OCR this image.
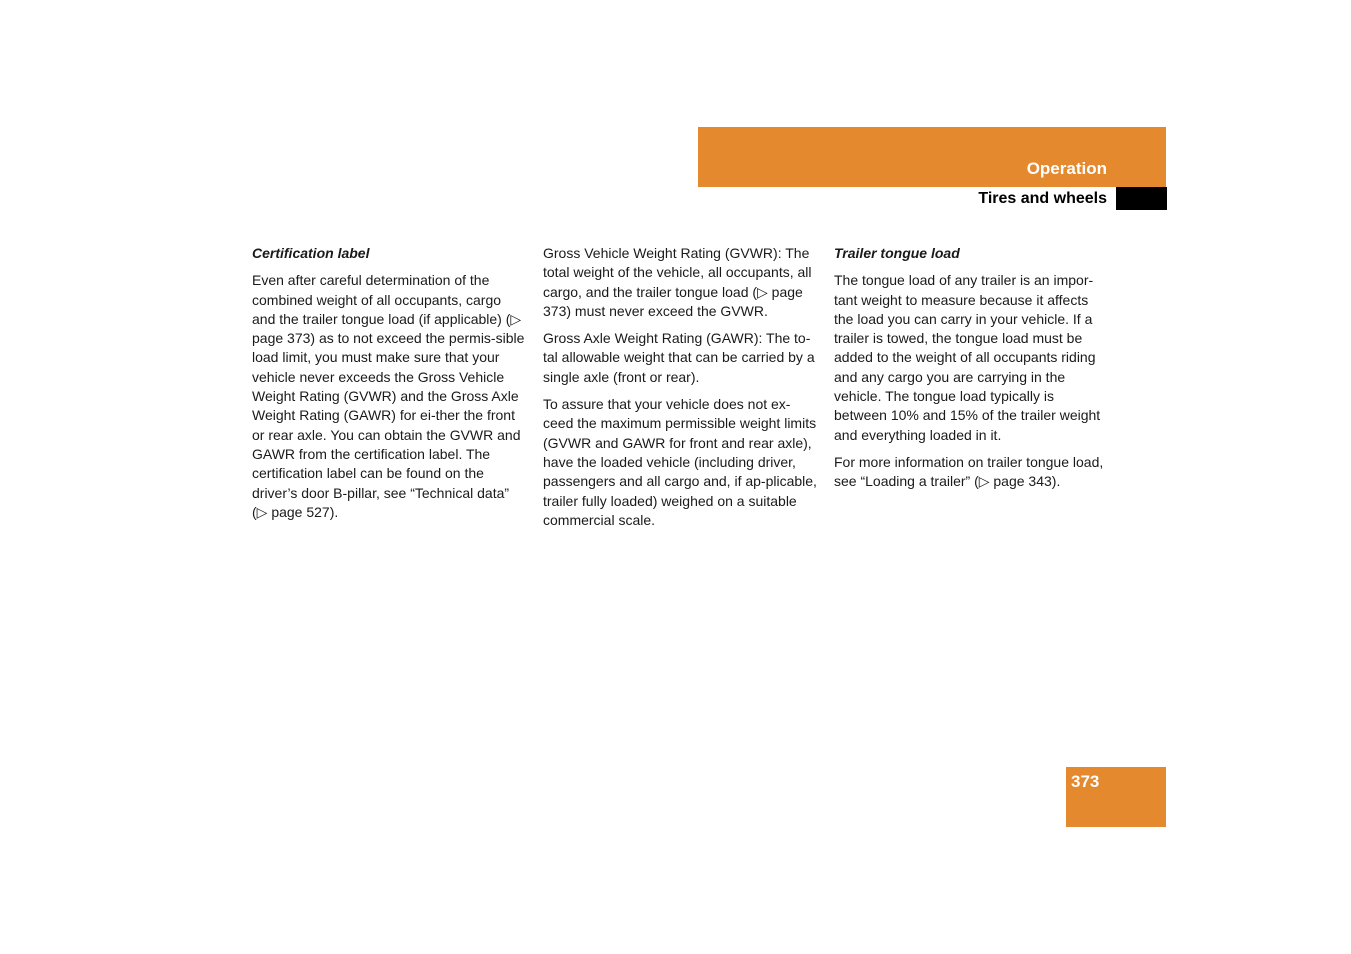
Operation
Tires and wheels
Certification label

Even after careful determination of the combined weight of all occupants, cargo and the trailer tongue load (if applicable) (▷ page 373) as to not exceed the permis-sible load limit, you must make sure that your vehicle never exceeds the Gross Vehicle Weight Rating (GVWR) and the Gross Axle Weight Rating (GAWR) for ei-ther the front or rear axle. You can obtain the GVWR and GAWR from the certification label. The certification label can be found on the driver’s door B-pillar, see “Technical data” (▷ page 527).

Gross Vehicle Weight Rating (GVWR): The total weight of the vehicle, all occupants, all cargo, and the trailer tongue load (▷ page 373) must never exceed the GVWR.

Gross Axle Weight Rating (GAWR): The to-tal allowable weight that can be carried by a single axle (front or rear).

To assure that your vehicle does not ex-ceed the maximum permissible weight limits (GVWR and GAWR for front and rear axle), have the loaded vehicle (including driver, passengers and all cargo and, if ap-plicable, trailer fully loaded) weighed on a suitable commercial scale.

Trailer tongue load

The tongue load of any trailer is an impor-tant weight to measure because it affects the load you can carry in your vehicle. If a trailer is towed, the tongue load must be added to the weight of all occupants riding and any cargo you are carrying in the vehicle. The tongue load typically is between 10% and 15% of the trailer weight and everything loaded in it.

For more information on trailer tongue load, see “Loading a trailer” (▷ page 343).

373
